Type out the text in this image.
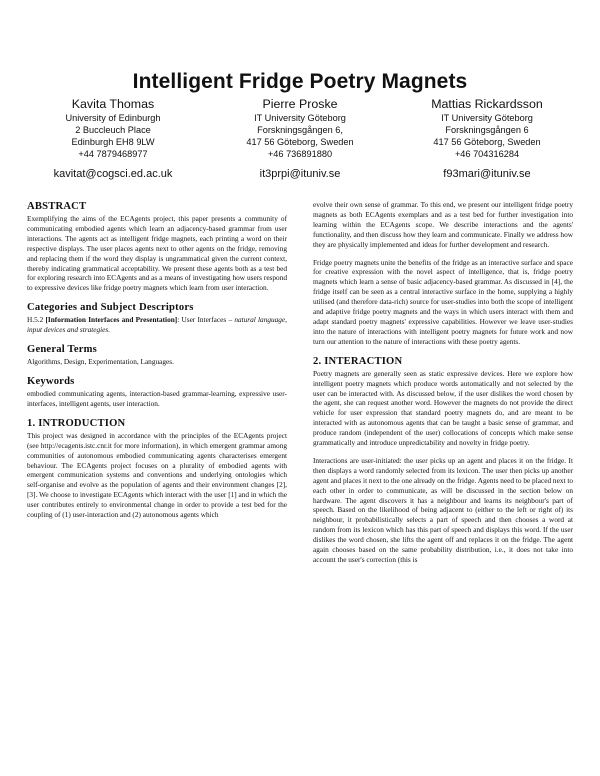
Intelligent Fridge Poetry Magnets
Kavita Thomas
University of Edinburgh
2 Buccleuch Place
Edinburgh EH8 9LW
+44 7879468977
kavitat@cogsci.ed.ac.uk
Pierre Proske
IT University Göteborg
Forskningsgången 6,
417 56 Göteborg, Sweden
+46 736891880
it3prpi@ituniv.se
Mattias Rickardsson
IT University Göteborg
Forskningsgången 6
417 56 Göteborg, Sweden
+46 704316284
f93mari@ituniv.se
ABSTRACT

Exemplifying the aims of the ECAgents project, this paper presents a community of communicating embodied agents which learn an adjacency-based grammar from user interactions. The agents act as intelligent fridge magnets, each printing a word on their respective displays. The user places agents next to other agents on the fridge, removing and replacing them if the word they display is ungrammatical given the current context, thereby indicating grammatical acceptability. We present these agents both as a test bed for exploring research into ECAgents and as a means of investigating how users respond to expressive devices like fridge poetry magnets which learn from user interaction.

Categories and Subject Descriptors

H.5.2 [Information Interfaces and Presentation]: User Interfaces – natural language, input devices and strategies.

General Terms

Algorithms, Design, Experimentation, Languages.

Keywords

embodied communicating agents, interaction-based grammar-learning, expressive user-interfaces, intelligent agents, user interaction.

1. INTRODUCTION

This project was designed in accordance with the principles of the ECAgents project (see http://ecagents.istc.cnr.it for more information), in which emergent grammar among communities of autonomous embodied communicating agents characterises emergent behaviour. The ECAgents project focuses on a plurality of embodied agents with emergent communication systems and conventions and underlying ontologies which self-organise and evolve as the population of agents and their environment changes [2], [3]. We choose to investigate ECAgents which interact with the user [1] and in which the user contributes entirely to environmental change in order to provide a test bed for the coupling of (1) user-interaction and (2) autonomous agents which

evolve their own sense of grammar. To this end, we present our intelligent fridge poetry magnets as both ECAgents exemplars and as a test bed for further investigation into learning within the ECAgents scope. We describe interactions and the agents' functionality, and then discuss how they learn and communicate. Finally we address how they are physically implemented and ideas for further development and research.

Fridge poetry magnets unite the benefits of the fridge as an interactive surface and space for creative expression with the novel aspect of intelligence, that is, fridge poetry magnets which learn a sense of basic adjacency-based grammar. As discussed in [4], the fridge itself can be seen as a central interactive surface in the home, supplying a highly utilised (and therefore data-rich) source for user-studies into both the scope of intelligent and adaptive fridge poetry magnets and the ways in which users interact with them and adapt standard poetry magnets' expressive capabilities. However we leave user-studies into the nature of interactions with intelligent poetry magnets for future work and now turn our attention to the nature of interactions with these poetry agents.

2. INTERACTION

Poetry magnets are generally seen as static expressive devices. Here we explore how intelligent poetry magnets which produce words automatically and not selected by the user can be interacted with. As discussed below, if the user dislikes the word chosen by the agent, she can request another word. However the magnets do not provide the direct vehicle for user expression that standard poetry magnets do, and are meant to be interacted with as autonomous agents that can be taught a basic sense of grammar, and produce random (independent of the user) collocations of concepts which make sense grammatically and introduce unpredictability and novelty in fridge poetry.

Interactions are user-initiated: the user picks up an agent and places it on the fridge. It then displays a word randomly selected from its lexicon. The user then picks up another agent and places it next to the one already on the fridge. Agents need to be placed next to each other in order to communicate, as will be discussed in the section below on hardware. The agent discovers it has a neighbour and learns its neighbour's part of speech. Based on the likelihood of being adjacent to (either to the left or right of) its neighbour, it probabilistically selects a part of speech and then chooses a word at random from its lexicon which has this part of speech and displays this word. If the user dislikes the word chosen, she lifts the agent off and replaces it on the fridge. The agent again chooses based on the same probability distribution, i.e., it does not take into account the user's correction (this is
